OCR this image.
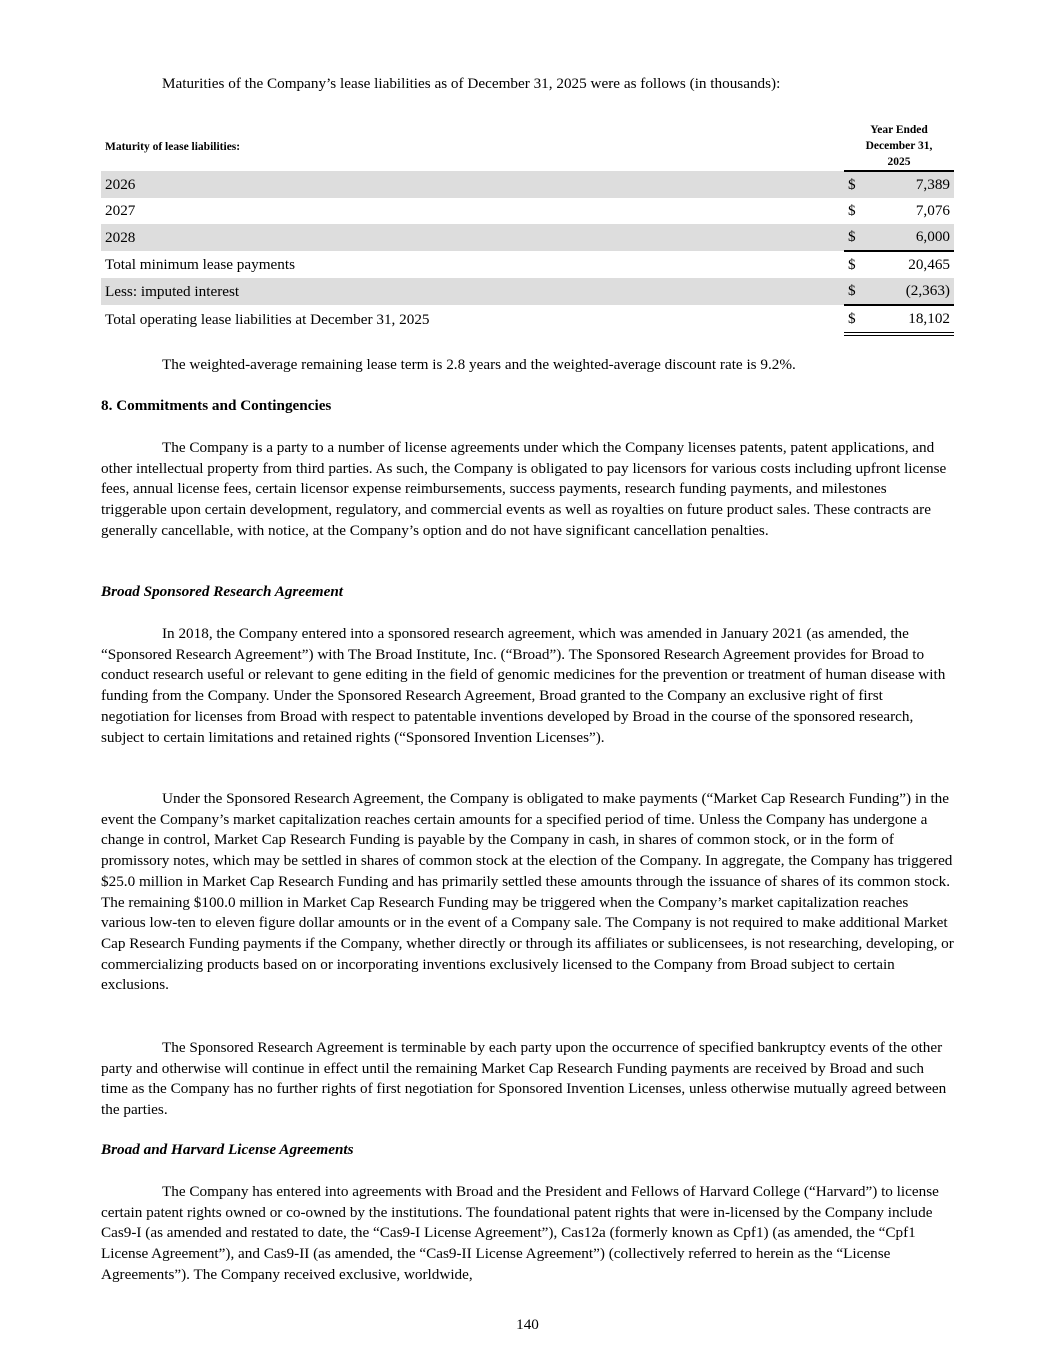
Maturities of the Company’s lease liabilities as of December 31, 2025 were as follows (in thousands):

Maturity of lease liabilities:		Year Ended
December 31,
2025	

2026		$	7,389
2027		$	7,076
2028		$	6,000
Total minimum lease payments		$	20,465
Less: imputed interest		$	(2,363)
Total operating lease liabilities at December 31, 2025		$	18,102

The weighted-average remaining lease term is 2.8 years and the weighted-average discount rate is 9.2%.

8. Commitments and Contingencies

The Company is a party to a number of license agreements under which the Company licenses patents, patent applications, and other intellectual property from third parties. As such, the Company is obligated to pay licensors for various costs including upfront license fees, annual license fees, certain licensor expense reimbursements, success payments, research funding payments, and milestones triggerable upon certain development, regulatory, and commercial events as well as royalties on future product sales. These contracts are generally cancellable, with notice, at the Company’s option and do not have significant cancellation penalties.

Broad Sponsored Research Agreement

In 2018, the Company entered into a sponsored research agreement, which was amended in January 2021 (as amended, the “Sponsored Research Agreement”) with The Broad Institute, Inc. (“Broad”). The Sponsored Research Agreement provides for Broad to conduct research useful or relevant to gene editing in the field of genomic medicines for the prevention or treatment of human disease with funding from the Company. Under the Sponsored Research Agreement, Broad granted to the Company an exclusive right of first negotiation for licenses from Broad with respect to patentable inventions developed by Broad in the course of the sponsored research, subject to certain limitations and retained rights (“Sponsored Invention Licenses”).

Under the Sponsored Research Agreement, the Company is obligated to make payments (“Market Cap Research Funding”) in the event the Company’s market capitalization reaches certain amounts for a specified period of time. Unless the Company has undergone a change in control, Market Cap Research Funding is payable by the Company in cash, in shares of common stock, or in the form of promissory notes, which may be settled in shares of common stock at the election of the Company. In aggregate, the Company has triggered $25.0 million in Market Cap Research Funding and has primarily settled these amounts through the issuance of shares of its common stock. The remaining $100.0 million in Market Cap Research Funding may be triggered when the Company’s market capitalization reaches various low-ten to eleven figure dollar amounts or in the event of a Company sale. The Company is not required to make additional Market Cap Research Funding payments if the Company, whether directly or through its affiliates or sublicensees, is not researching, developing, or commercializing products based on or incorporating inventions exclusively licensed to the Company from Broad subject to certain exclusions.

The Sponsored Research Agreement is terminable by each party upon the occurrence of specified bankruptcy events of the other party and otherwise will continue in effect until the remaining Market Cap Research Funding payments are received by Broad and such time as the Company has no further rights of first negotiation for Sponsored Invention Licenses, unless otherwise mutually agreed between the parties.

Broad and Harvard License Agreements

The Company has entered into agreements with Broad and the President and Fellows of Harvard College (“Harvard”) to license certain patent rights owned or co-owned by the institutions. The foundational patent rights that were in-licensed by the Company include Cas9-I (as amended and restated to date, the “Cas9-I License Agreement”), Cas12a (formerly known as Cpf1) (as amended, the “Cpf1 License Agreement”), and Cas9-II (as amended, the “Cas9-II License Agreement”) (collectively referred to herein as the “License Agreements”). The Company received exclusive, worldwide,

140
